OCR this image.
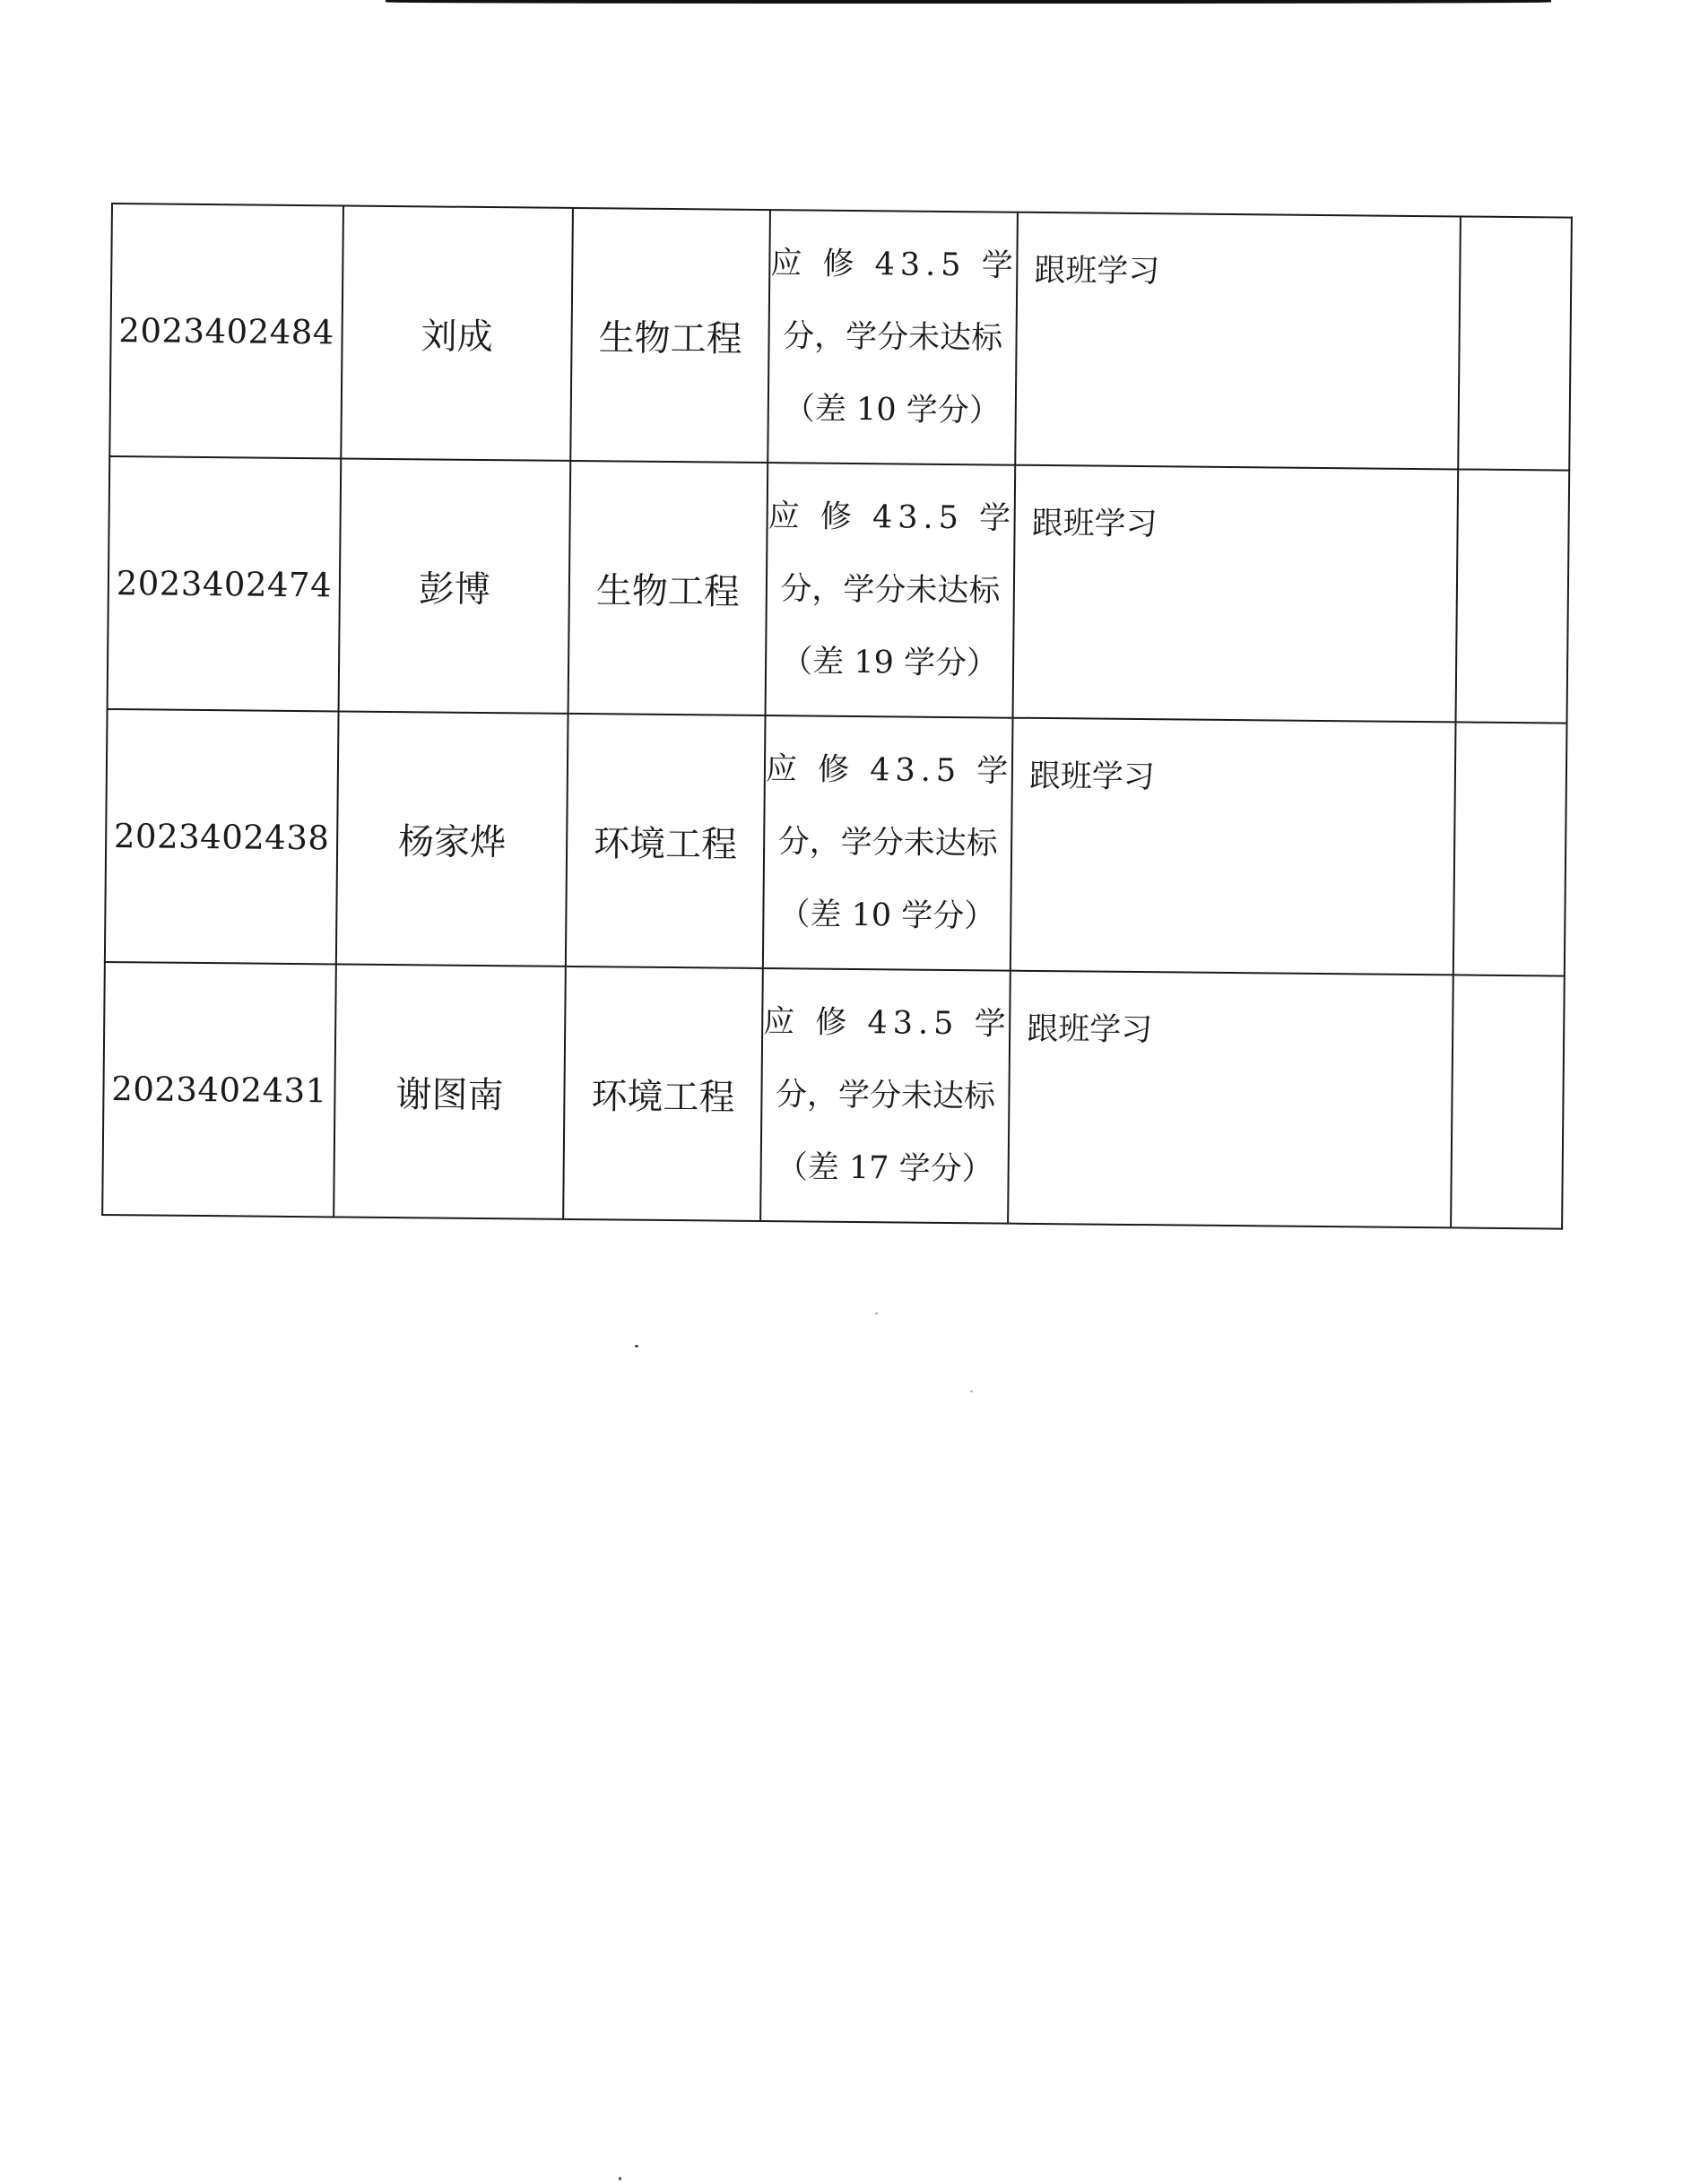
2023402484	刘成	生物工程	应 修 43.5 学
分，学分未达标
（差 10 学分）	跟班学习	
2023402474	彭博	生物工程	应 修 43.5 学
分，学分未达标
（差 19 学分）	跟班学习	
2023402438	杨家烨	环境工程	应 修 43.5 学
分，学分未达标
（差 10 学分）	跟班学习	
2023402431	谢图南	环境工程	应 修 43.5 学
分，学分未达标
（差 17 学分）	跟班学习	
